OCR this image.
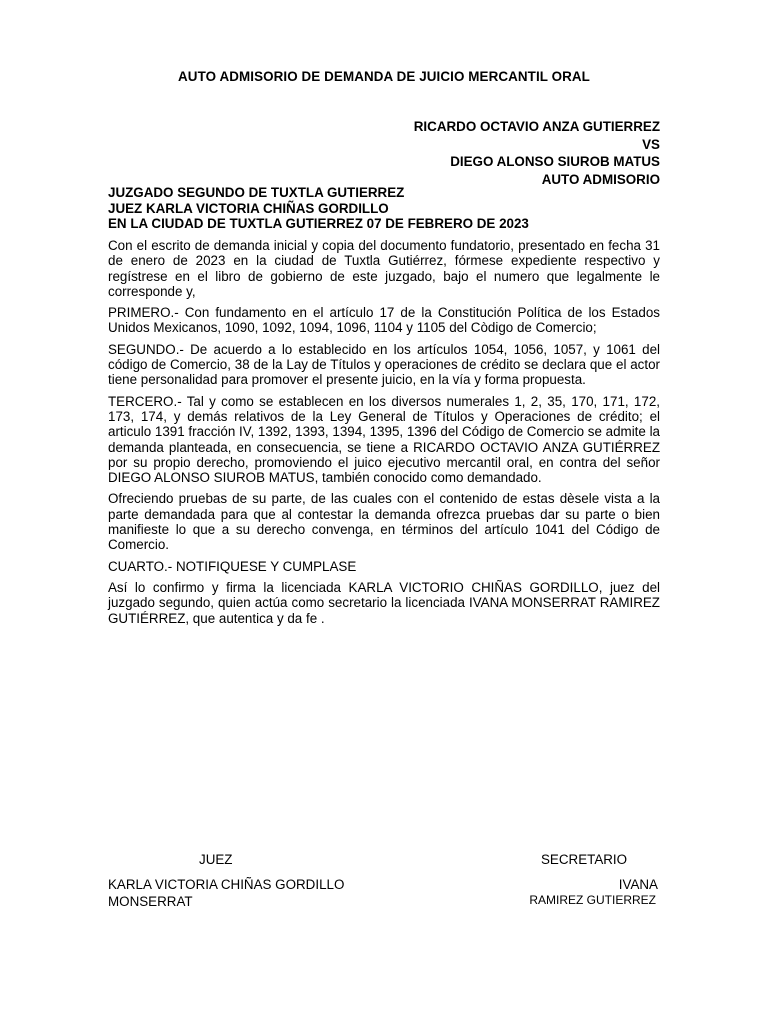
AUTO ADMISORIO DE DEMANDA DE JUICIO MERCANTIL ORAL
RICARDO OCTAVIO ANZA GUTIERREZ
VS
DIEGO ALONSO SIUROB MATUS
AUTO ADMISORIO
JUZGADO SEGUNDO DE TUXTLA GUTIERREZ
JUEZ KARLA VICTORIA CHIÑAS GORDILLO
EN LA CIUDAD DE TUXTLA GUTIERREZ 07 DE FEBRERO DE 2023

Con el escrito de demanda inicial y copia del documento fundatorio, presentado en fecha 31 de enero de 2023 en la ciudad de Tuxtla Gutiérrez, fórmese expediente respectivo y regístrese en el libro de gobierno de este juzgado, bajo el numero que legalmente le corresponde y,

PRIMERO.- Con fundamento en el artículo 17 de la Constitución Política de los Estados Unidos Mexicanos, 1090, 1092, 1094, 1096, 1104 y 1105 del Còdigo de Comercio;

SEGUNDO.- De acuerdo a lo establecido en los artículos 1054, 1056, 1057, y 1061 del código de Comercio, 38 de la Lay de Títulos y operaciones de crédito se declara que el actor tiene personalidad para promover el presente juicio, en la vía y forma propuesta.

TERCERO.- Tal y como se establecen en los diversos numerales 1, 2, 35, 170, 171, 172, 173, 174, y demás relativos de la Ley General de Títulos y Operaciones de crédito; el articulo 1391 fracción IV, 1392, 1393, 1394, 1395, 1396 del Código de Comercio se admite la demanda planteada, en consecuencia, se tiene a RICARDO OCTAVIO ANZA GUTIÉRREZ por su propio derecho, promoviendo el juico ejecutivo mercantil oral, en contra del señor DIEGO ALONSO SIUROB MATUS, también conocido como demandado.

Ofreciendo pruebas de su parte, de las cuales con el contenido de estas dèsele vista a la parte demandada para que al contestar la demanda ofrezca pruebas dar su parte o bien manifieste lo que a su derecho convenga, en términos del artículo 1041 del Código de Comercio.

CUARTO.- NOTIFIQUESE Y CUMPLASE

Así lo confirmo y firma la licenciada KARLA VICTORIO CHIÑAS GORDILLO, juez del juzgado segundo, quien actúa como secretario la licenciada IVANA MONSERRAT RAMIREZ GUTIÉRREZ, que autentica y da fe .

JUEZ	SECRETARIO
KARLA VICTORIA CHIÑAS GORDILLO
MONSERRAT
IVANA
RAMIREZ GUTIERREZ
